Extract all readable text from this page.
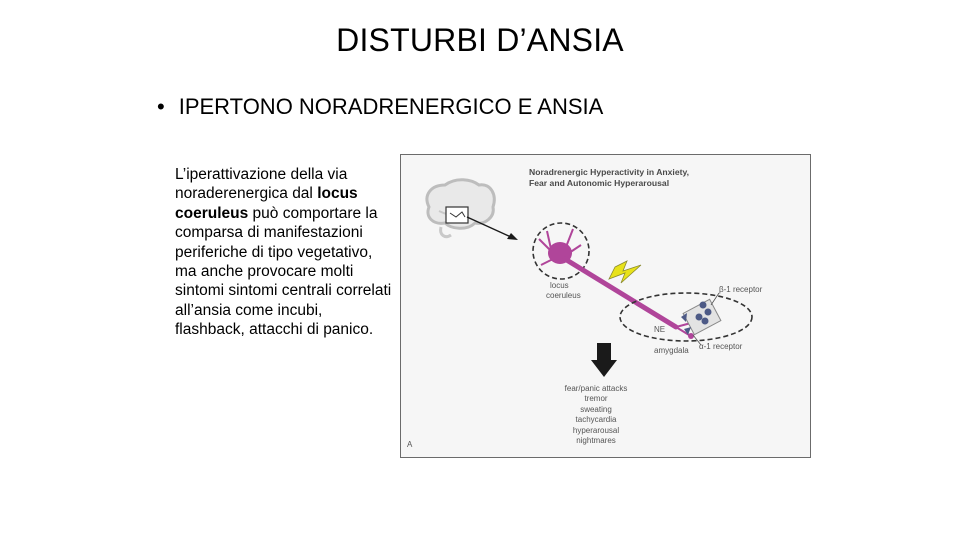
DISTURBI D’ANSIA
• IPERTONO NORADRENERGICO E ANSIA
L’iperattivazione della via noraderenergica dal locus coeruleus può comportare la comparsa di manifestazioni periferiche di tipo vegetativo, ma anche provocare molti sintomi sintomi centrali correlati all’ansia come incubi, flashback, attacchi di panico.
Noradrenergic Hyperactivity in Anxiety,
Fear and Autonomic Hyperarousal
locus
coeruleus
β-1 receptor
NE
amygdala α-1 receptor
fear/panic attacks
tremor
sweating
tachycardia
hyperarousal
nightmares
A
